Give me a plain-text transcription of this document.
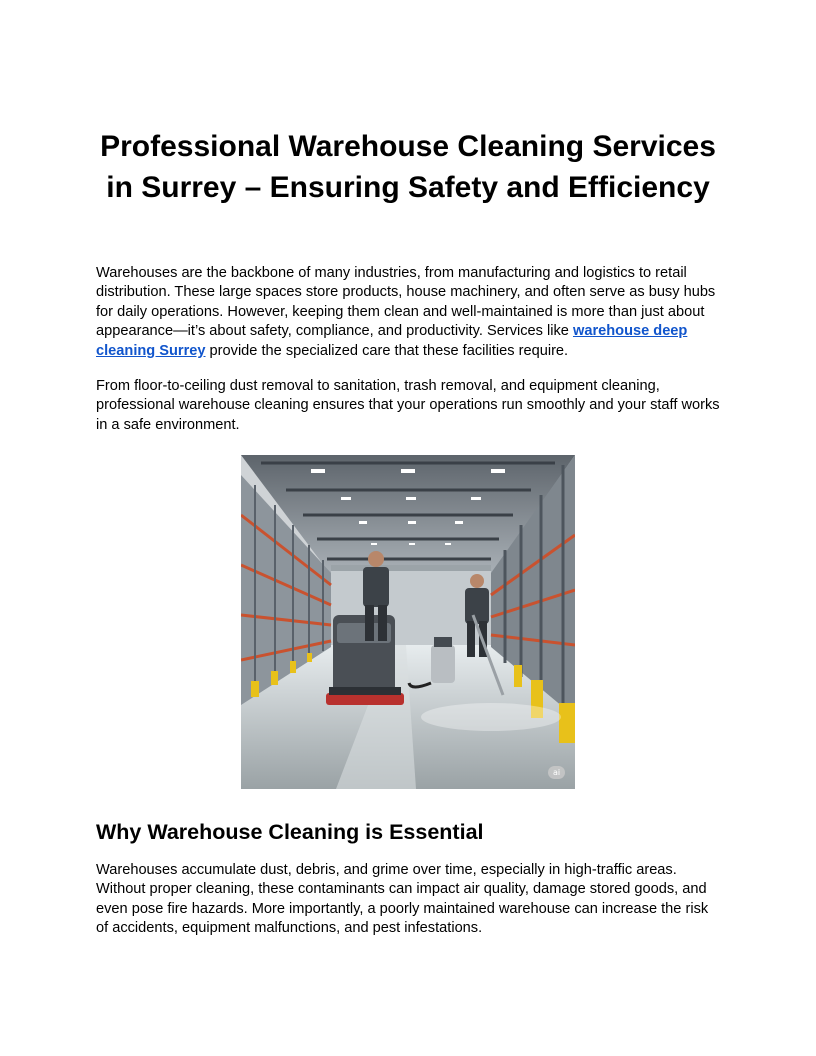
Professional Warehouse Cleaning Services in Surrey – Ensuring Safety and Efficiency

Warehouses are the backbone of many industries, from manufacturing and logistics to retail distribution. These large spaces store products, house machinery, and often serve as busy hubs for daily operations. However, keeping them clean and well-maintained is more than just about appearance—it’s about safety, compliance, and productivity. Services like warehouse deep cleaning Surrey provide the specialized care that these facilities require.

From floor-to-ceiling dust removal to sanitation, trash removal, and equipment cleaning, professional warehouse cleaning ensures that your operations run smoothly and your staff works in a safe environment.

ai
Why Warehouse Cleaning is Essential

Warehouses accumulate dust, debris, and grime over time, especially in high-traffic areas. Without proper cleaning, these contaminants can impact air quality, damage stored goods, and even pose fire hazards. More importantly, a poorly maintained warehouse can increase the risk of accidents, equipment malfunctions, and pest infestations.
